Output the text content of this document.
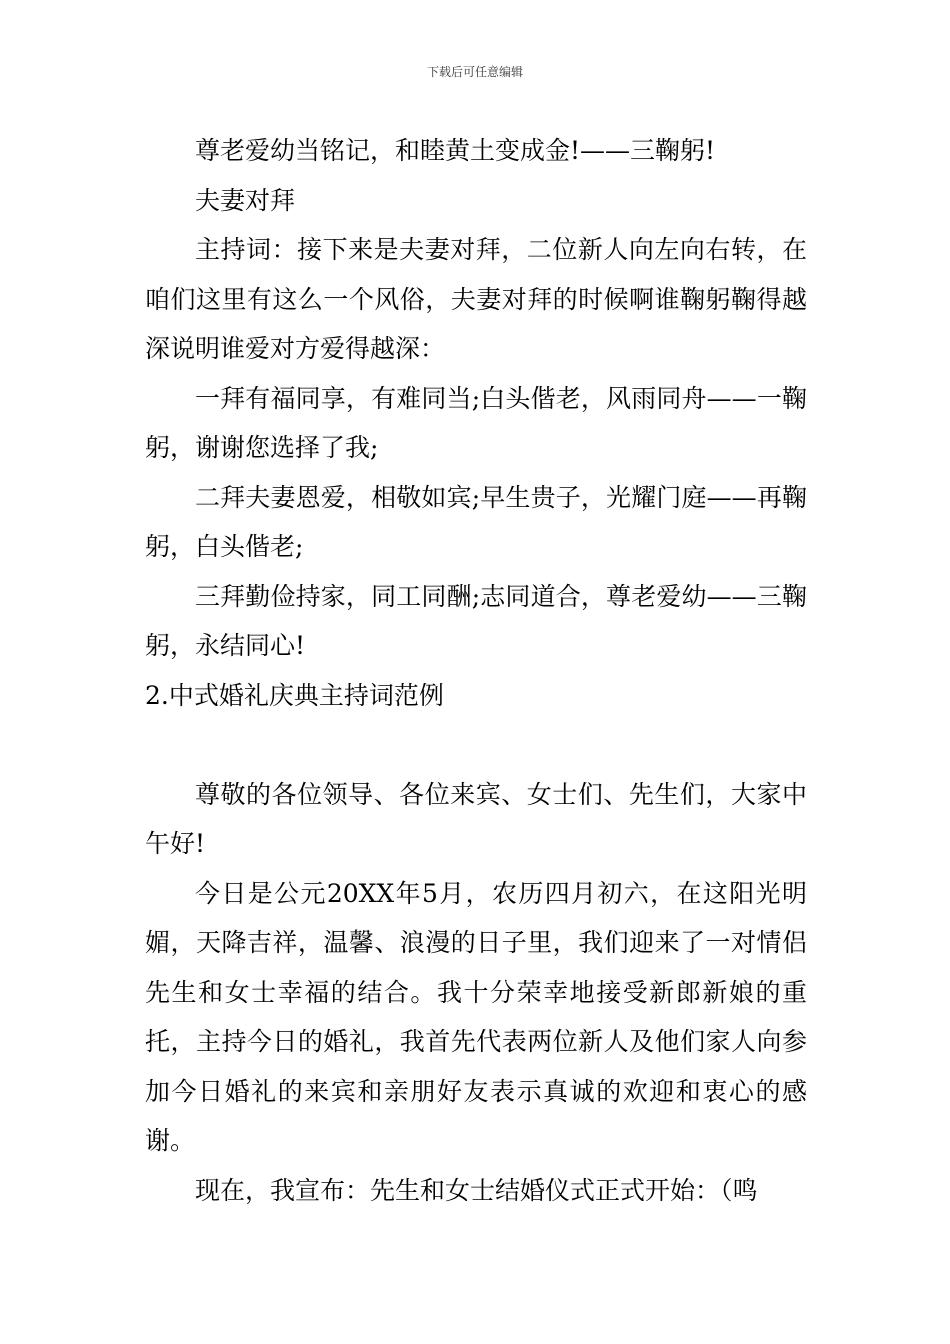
下载后可任意编辑

尊老爱幼当铭记，和睦黄土变成金!——三鞠躬!

夫妻对拜

主持词：接下来是夫妻对拜，二位新人向左向右转，在咱们这里有这么一个风俗，夫妻对拜的时候啊谁鞠躬鞠得越深说明谁爱对方爱得越深：

一拜有福同享，有难同当;白头偕老，风雨同舟——一鞠躬，谢谢您选择了我;

二拜夫妻恩爱，相敬如宾;早生贵子，光耀门庭——再鞠躬，白头偕老;

三拜勤俭持家，同工同酬;志同道合，尊老爱幼——三鞠躬，永结同心!

2.中式婚礼庆典主持词范例

尊敬的各位领导、各位来宾、女士们、先生们，大家中午好!

今日是公元20XX年5月，农历四月初六，在这阳光明媚，天降吉祥，温馨、浪漫的日子里，我们迎来了一对情侣先生和女士幸福的结合。我十分荣幸地接受新郎新娘的重托，主持今日的婚礼，我首先代表两位新人及他们家人向参加今日婚礼的来宾和亲朋好友表示真诚的欢迎和衷心的感谢。

现在，我宣布：先生和女士结婚仪式正式开始：（鸣
